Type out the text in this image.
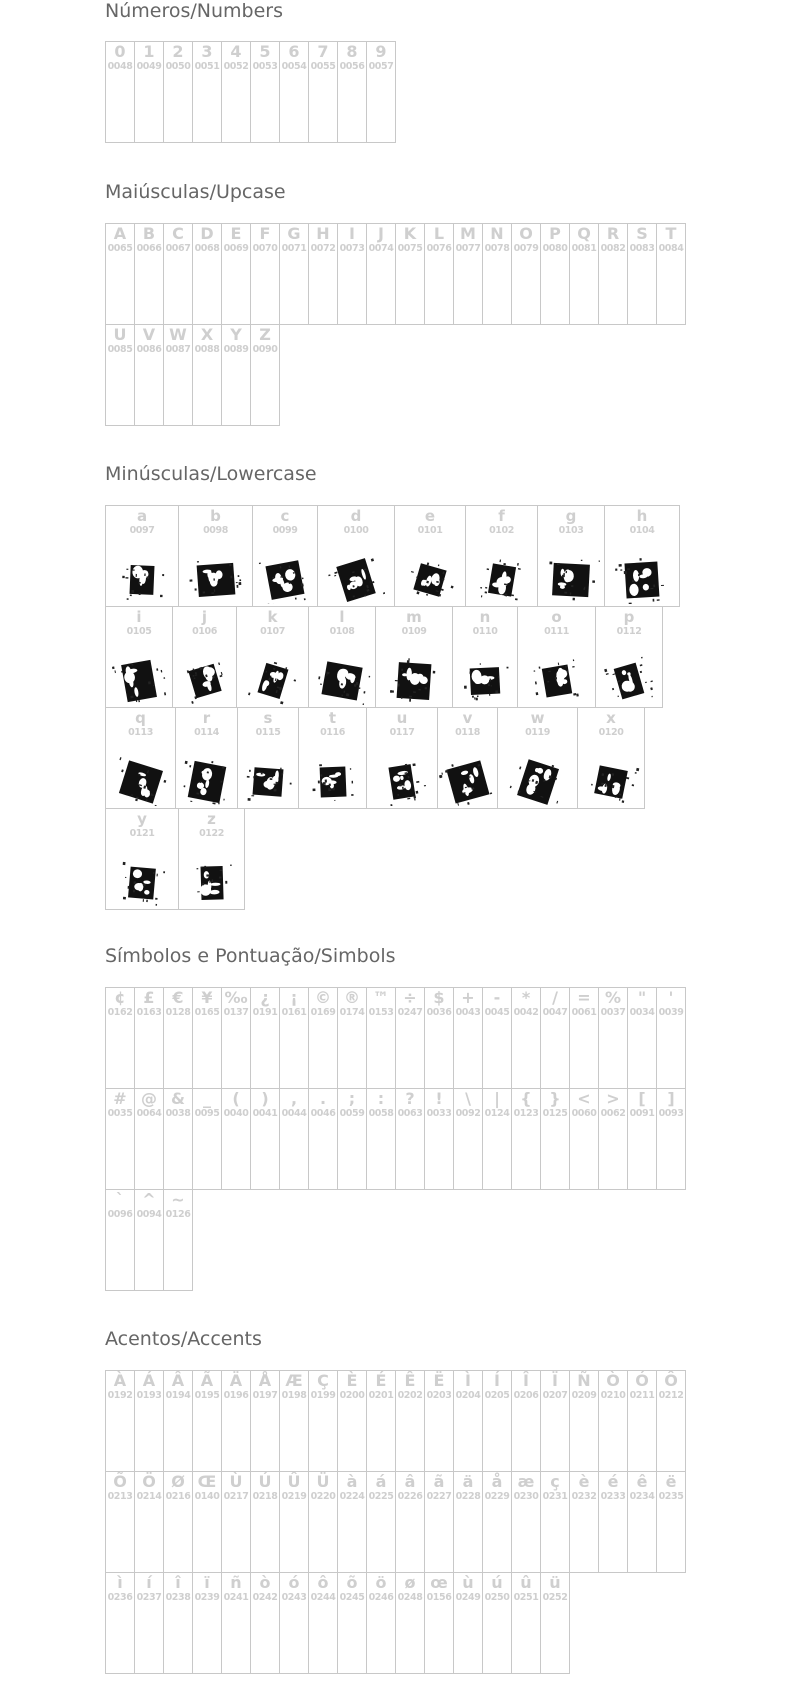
Números/Numbers
0
0048
1
0049
2
0050
3
0051
4
0052
5
0053
6
0054
7
0055
8
0056
9
0057
Maiúsculas/Upcase
A
0065
B
0066
C
0067
D
0068
E
0069
F
0070
G
0071
H
0072
I
0073
J
0074
K
0075
L
0076
M
0077
N
0078
O
0079
P
0080
Q
0081
R
0082
S
0083
T
0084
U
0085
V
0086
W
0087
X
0088
Y
0089
Z
0090
Minúsculas/Lowercase
a
0097
b
0098
c
0099
d
0100
e
0101
f
0102
g
0103
h
0104
i
0105
j
0106
k
0107
l
0108
m
0109
n
0110
o
0111
p
0112
q
0113
r
0114
s
0115
t
0116
u
0117
v
0118
w
0119
x
0120
y
0121
z
0122
Símbolos e Pontuação/Simbols
¢
0162
£
0163
€
0128
¥
0165
‰
0137
¿
0191
¡
0161
©
0169
®
0174
™
0153
÷
0247
$
0036
+
0043
-
0045
*
0042
/
0047
=
0061
%
0037
"
0034
'
0039
#
0035
@
0064
&
0038
_
0095
(
0040
)
0041
,
0044
.
0046
;
0059
:
0058
?
0063
!
0033
\
0092
|
0124
{
0123
}
0125
<
0060
>
0062
[
0091
]
0093
`
0096
^
0094
~
0126
Acentos/Accents
À
0192
Á
0193
Â
0194
Ã
0195
Ä
0196
Å
0197
Æ
0198
Ç
0199
È
0200
É
0201
Ê
0202
Ë
0203
Ì
0204
Í
0205
Î
0206
Ï
0207
Ñ
0209
Ò
0210
Ó
0211
Ô
0212
Õ
0213
Ö
0214
Ø
0216
Œ
0140
Ù
0217
Ú
0218
Û
0219
Ü
0220
à
0224
á
0225
â
0226
ã
0227
ä
0228
å
0229
æ
0230
ç
0231
è
0232
é
0233
ê
0234
ë
0235
ì
0236
í
0237
î
0238
ï
0239
ñ
0241
ò
0242
ó
0243
ô
0244
õ
0245
ö
0246
ø
0248
œ
0156
ù
0249
ú
0250
û
0251
ü
0252
